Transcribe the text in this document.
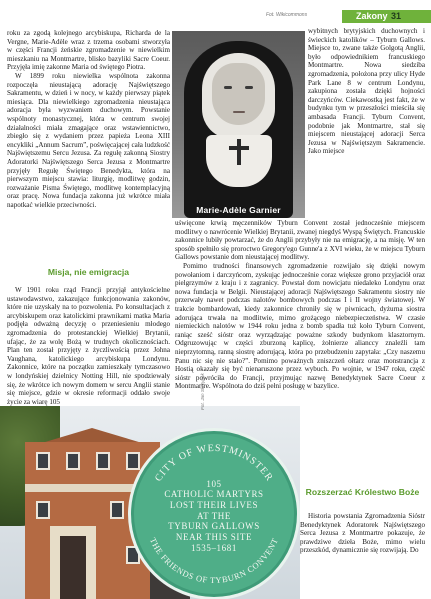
Fot. Wikicommons	Zakony 31

roku za zgodą kolejnego arcybiskupa, Richarda de la Vergne, Marie-Adèle wraz z trzema osobami stworzyła w części Francji żeńskie zgromadzenie w niewielkim mieszkaniu na Montmartre, blisko bazyliki Sacre Coeur. Przyjęła imię zakonne Maria od świętego Piotra.

W 1899 roku niewielka wspólnota zakonna rozpoczęła nieustającą adorację Najświętszego Sakramentu, w dzień i w nocy, w każdy pierwszy piątek miesiąca. Dla niewielkiego zgromadzenia nieustająca adoracja była wyzwaniem duchowym. Powstanie wspólnoty monastycznej, która w centrum swojej działalności miała zmagające oraz wstawiennictwo, zbiegło się z wydaniem przez papieża Leona XIII encykliki „Annum Sacrum”, poświęcającej cała ludzkość Najświętszemu Sercu Jezusa. Za regułę zakonną Siostry Adoratorki Najświętszego Serca Jezusa z Montmartre przyjęły Regułę Świętego Benedykta, która na pierwszym miejscu stawia: liturgię, modlitwę godzin, rozważanie Pisma Świętego, modlitwę kontemplacyjną oraz pracę. Nowa fundacja zakonna już wkrótce miała napotkać wielkie przeciwności.

Misja, nie emigracja

W 1901 roku rząd Francji przyjął antykościelne ustawodawstwo, zakazujące funkcjonowania zakonów, które nie uzyskały na to pozwolenia. Po konsultacjach z arcybiskupem oraz katolickimi prawnikami matka Maria podjęła odważną decyzję o przeniesieniu młodego zgromadzenia do protestanckiej Wielkiej Brytanii, ufając, że za wolę Bożą w trudnych okolicznościach. Plan ten został przyjęty z życzliwością przez Johna Vaughana, katolickiego arcybiskupa Londynu. Zakonnice, które na początku zamieszkały tymczasowo w londyńskiej dzielnicy Notting Hill, nie spodziewały się, że wkrótce ich nowym domem w sercu Anglii stanie się miejsce, gdzie w okresie reformacji oddało swoje życie za wiarę 105

Marie-Adèle Garnier

wybitnych brytyjskich duchownych i świeckich katolików – Tyburn Gallows. Miejsce to, zwane także Golgotą Anglii, było odpowiednikiem francuskiego Montmartre. Nowa siedziba zgromadzenia, położona przy ulicy Hyde Park Lane 8 w centrum Londynu, zakupiona została dzięki hojności darczyńców. Ciekawostką jest fakt, że w budynku tym w przeszłości mieściła się ambasada Francji. Tyburn Convent, podobnie jak Montmartre, stał się miejscem nieustającej adoracji Serca Jezusa w Najświętszym Sakramencie. Jako miejsce

uświęcone krwią męczenników Tyburn Convent został jednocześnie miejscem modlitwy o nawrócenie Wielkiej Brytanii, zwanej niegdyś Wyspą Świętych. Francuskie zakonnice lubiły powtarzać, że do Anglii przybyły nie na emigrację, a na misję. W ten sposób spełniło się proroctwo Gregory'ego Gunne'a z XVI wieku, że w miejscu Tyburn Gallows powstanie dom nieustającej modlitwy.

Pomimo trudności finansowych zgromadzenie rozwijało się dzięki nowym powołaniom i darczyńcom, zyskując jednocześnie coraz większe grono przyjaciół oraz pielgrzymów z kraju i z zagranicy. Powstał dom nowicjatu niedaleko Londynu oraz nowa fundacja w Belgii. Nieustającej adoracji Najświętszego Sakramentu siostry nie przerwały nawet podczas nalotów bombowych podczas I i II wojny światowej. W trakcie bombardowań, kiedy zakonnice chroniły się w piwnicach, dyżurna siostra adorująca trwała na modlitwie, mimo grożącego niebezpieczeństwa. W czasie niemieckich nalotów w 1944 roku jedna z bomb spadła tuż koło Tyburn Convent, raniąc sześć sióstr oraz wyrządzając poważne szkody budynkom klasztornym. Odgruzowując w części zburzoną kaplicę, żołnierze alianccy znaleźli tam nieprzytomną, ranną siostrę adorującą, która po przebudzeniu zapytała: „Czy naszemu Panu nic się nie stało?”. Pomimo poważnych zniszczeń ołtarz oraz monstrancja z Hostią okazały się być nienaruszone przez wybuch. Po wojnie, w 1947 roku, część sióstr powróciła do Francji, przyjmując nazwę Benedyktynek Sacre Coeur z Montmartre. Wspólnota do dziś pełni posługę w bazylice.

Fot. Jan Skrzypek
CITY OF WESTMINSTER
THE FRIENDS OF TYBURN CONVENT
105
CATHOLIC MARTYRS
LOST THEIR LIVES
AT THE
TYBURN GALLOWS
NEAR THIS SITE
1535–1681
Rozszerzać Królestwo Boże

Historia powstania Zgromadzenia Sióstr Benedyktynek Adoratorek Najświętszego Serca Jezusa z Montmartre pokazuje, że prawdziwe dzieła Boże, mimo wielu przeszkód, dynamicznie się rozwijają. Do
